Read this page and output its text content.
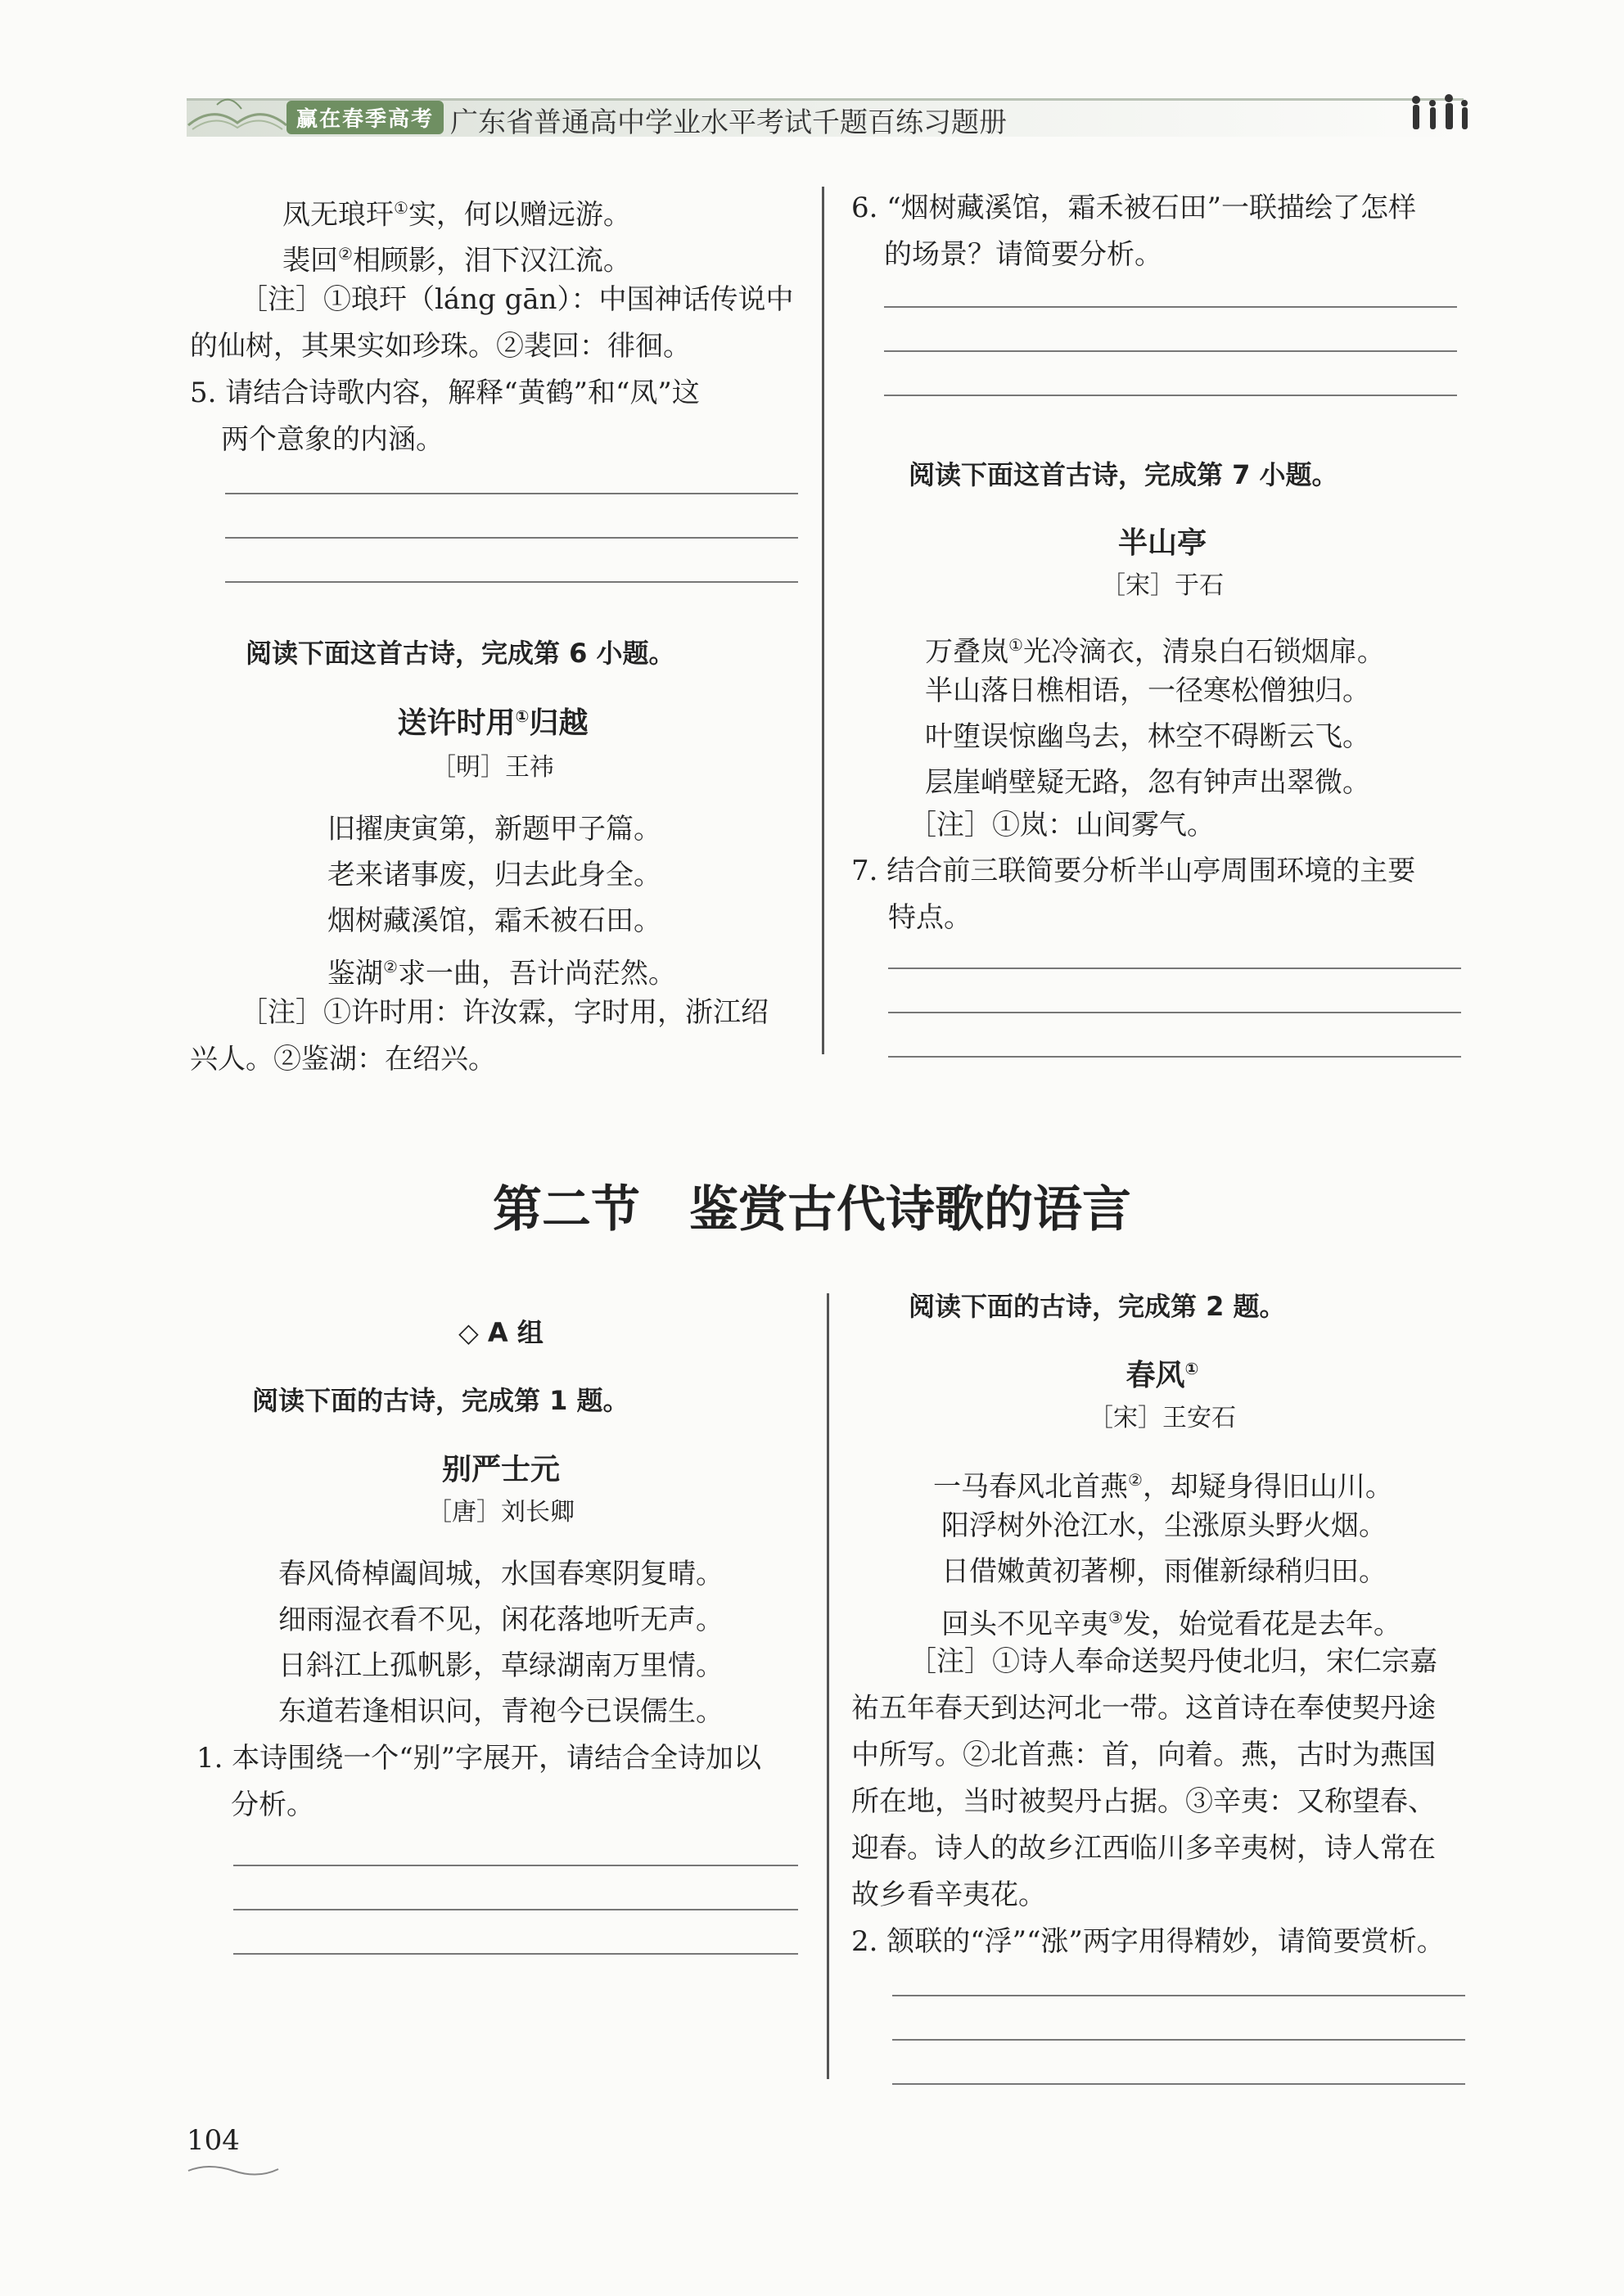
赢在春季高考 广东省普通高中学业水平考试千题百练习题册
凤无琅玕①实，何以赠远游。
裴回②相顾影，泪下汉江流。
［注］①琅玕（láng gān）：中国神话传说中
的仙树，其果实如珍珠。②裴回：徘徊。
5. 请结合诗歌内容，解释“黄鹤”和“凤”这
两个意象的内涵。
阅读下面这首古诗，完成第 6 小题。
送许时用①归越
［明］王祎
旧擢庚寅第，新题甲子篇。
老来诸事废，归去此身全。
烟树藏溪馆，霜禾被石田。
鉴湖②求一曲，吾计尚茫然。
［注］①许时用：许汝霖，字时用，浙江绍
兴人。②鉴湖：在绍兴。
6. “烟树藏溪馆，霜禾被石田”一联描绘了怎样
的场景？请简要分析。
阅读下面这首古诗，完成第 7 小题。
半山亭
［宋］于石
万叠岚①光冷滴衣，清泉白石锁烟扉。
半山落日樵相语，一径寒松僧独归。
叶堕误惊幽鸟去，林空不碍断云飞。
层崖峭壁疑无路，忽有钟声出翠微。
［注］①岚：山间雾气。
7. 结合前三联简要分析半山亭周围环境的主要
特点。
第二节　鉴赏古代诗歌的语言
◇ A 组
阅读下面的古诗，完成第 1 题。
别严士元
［唐］刘长卿
春风倚棹阖闾城，水国春寒阴复晴。
细雨湿衣看不见，闲花落地听无声。
日斜江上孤帆影，草绿湖南万里情。
东道若逢相识问，青袍今已误儒生。
1. 本诗围绕一个“别”字展开，请结合全诗加以
分析。
阅读下面的古诗，完成第 2 题。
春风①
［宋］王安石
一马春风北首燕②，却疑身得旧山川。
阳浮树外沧江水，尘涨原头野火烟。
日借嫩黄初著柳，雨催新绿稍归田。
回头不见辛夷③发，始觉看花是去年。
［注］①诗人奉命送契丹使北归，宋仁宗嘉
祐五年春天到达河北一带。这首诗在奉使契丹途
中所写。②北首燕：首，向着。燕，古时为燕国
所在地，当时被契丹占据。③辛夷：又称望春、
迎春。诗人的故乡江西临川多辛夷树，诗人常在
故乡看辛夷花。
2. 颔联的“浮”“涨”两字用得精妙，请简要赏析。
104
